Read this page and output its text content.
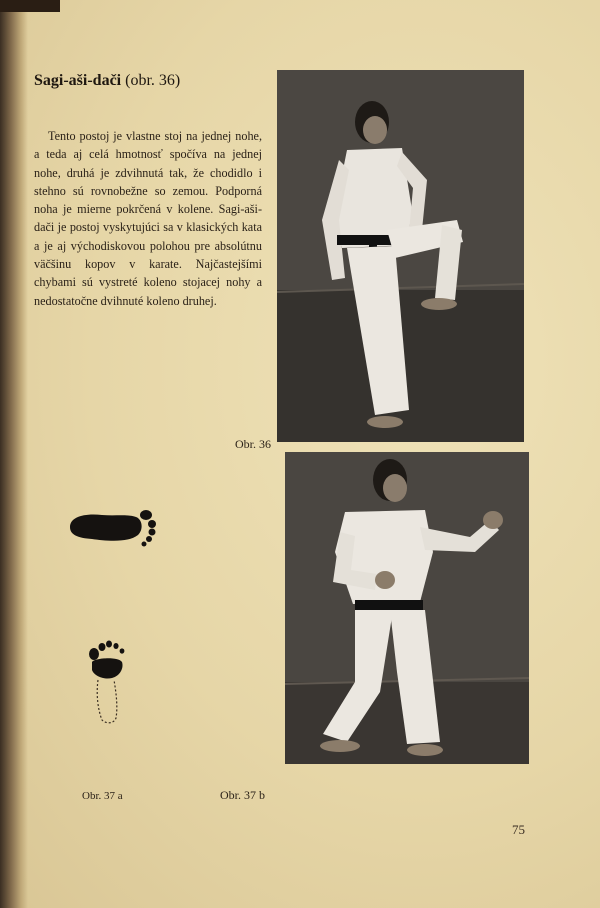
Sagi-aši-dači (obr. 36)

Tento postoj je vlastne stoj na jednej nohe, a teda aj celá hmotnosť spočíva na jednej nohe, druhá je zdvihnutá tak, že chodidlo i stehno sú rovnobežne so zemou. Podporná noha je mierne pokrčená v kolene. Sagi-aši-dači je postoj vyskytujúci sa v klasických kata a je aj východiskovou polohou pre absolútnu väčšinu kopov v karate. Najčastejšími chybami sú vystreté koleno stojacej nohy a nedostatočne dvihnuté koleno druhej.

Obr. 36
Obr. 37 b
Obr. 37 a
75
